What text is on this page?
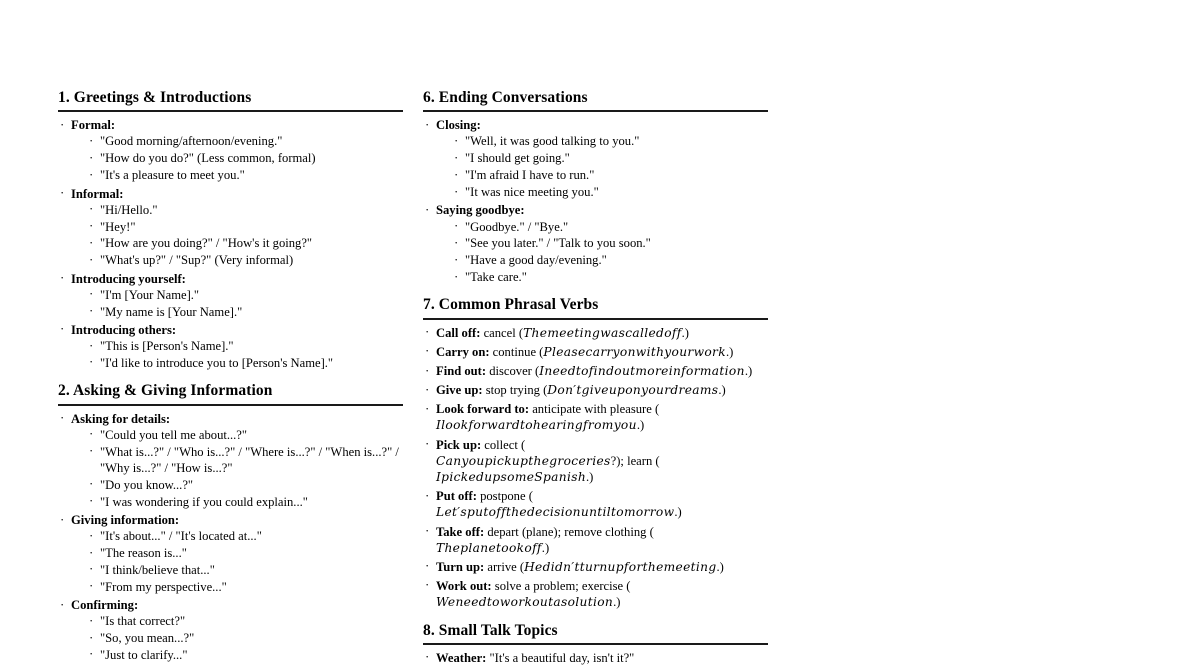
1. Greetings & Introductions
· Formal:
· "Good morning/afternoon/evening."
· "How do you do?" (Less common, formal)
· "It's a pleasure to meet you."
· Informal:
· "Hi/Hello."
· "Hey!"
· "How are you doing?" / "How's it going?"
· "What's up?" / "Sup?" (Very informal)
· Introducing yourself:
· "I'm [Your Name]."
· "My name is [Your Name]."
· Introducing others:
· "This is [Person's Name]."
· "I'd like to introduce you to [Person's Name]."
2. Asking & Giving Information
· Asking for details:
· "Could you tell me about...?"
· "What is...?" / "Who is...?" / "Where is...?" / "When is...?" / "Why is...?" / "How is...?"
· "Do you know...?"
· "I was wondering if you could explain..."
· Giving information:
· "It's about..." / "It's located at..."
· "The reason is..."
· "I think/believe that..."
· "From my perspective..."
· Confirming:
· "Is that correct?"
· "So, you mean...?"
· "Just to clarify..."
6. Ending Conversations
· Closing:
· "Well, it was good talking to you."
· "I should get going."
· "I'm afraid I have to run."
· "It was nice meeting you."
· Saying goodbye:
· "Goodbye." / "Bye."
· "See you later." / "Talk to you soon."
· "Have a good day/evening."
· "Take care."
7. Common Phrasal Verbs
· Call off: cancel (Themeetingwascalledoff.)
· Carry on: continue (Pleasecarryonwithyourwork.)
· Find out: discover (Ineedtofindoutmoreinformation.)
· Give up: stop trying (Don′tgiveuponyourdreams.)
· Look forward to: anticipate with pleasure (
Ilookforwardtohearingfromyou.)
· Pick up: collect (
Canyoupickupthegroceries?); learn (
IpickedupsomeSpanish.)
· Put off: postpone (
Let′sputoffthedecisionuntiltomorrow.)
· Take off: depart (plane); remove clothing (
Theplanetookoff.)
· Turn up: arrive (Hedidn′tturnupforthemeeting.)
· Work out: solve a problem; exercise (
Weneedtoworkoutasolution.)
8. Small Talk Topics
· Weather: "It's a beautiful day, isn't it?"
